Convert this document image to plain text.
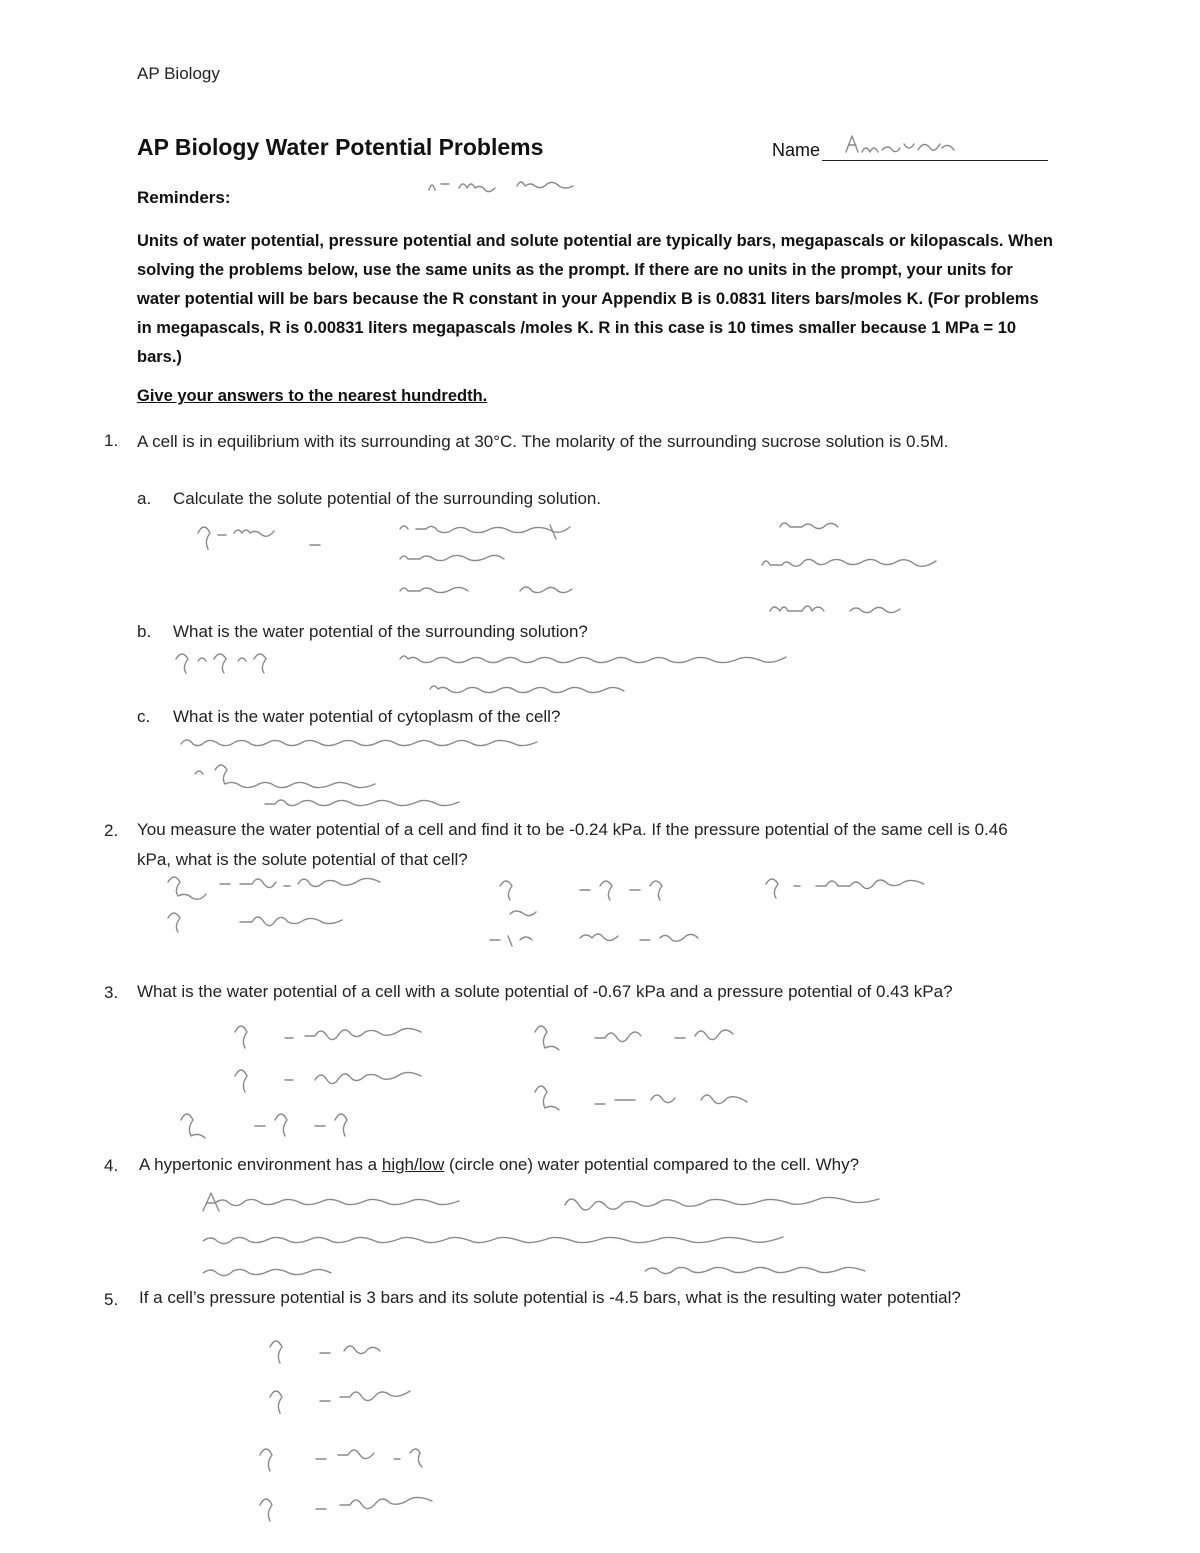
AP Biology
AP Biology Water Potential Problems	Name
Reminders:
Units of water potential, pressure potential and solute potential are typically bars, megapascals or kilopascals. When solving the problems below, use the same units as the prompt. If there are no units in the prompt, your units for water potential will be bars because the R constant in your Appendix B is 0.0831 liters bars/moles K. (For problems in megapascals, R is 0.00831 liters megapascals /moles K. R in this case is 10 times smaller because 1 MPa = 10 bars.)
Give your answers to the nearest hundredth.
1. A cell is in equilibrium with its surrounding at 30°C. The molarity of the surrounding sucrose solution is 0.5M.
a. Calculate the solute potential of the surrounding solution.
b. What is the water potential of the surrounding solution?
c. What is the water potential of cytoplasm of the cell?
2. You measure the water potential of a cell and find it to be -0.24 kPa. If the pressure potential of the same cell is 0.46 kPa, what is the solute potential of that cell?
3. What is the water potential of a cell with a solute potential of -0.67 kPa and a pressure potential of 0.43 kPa?
4. A hypertonic environment has a high/low (circle one) water potential compared to the cell. Why?
5. If a cell’s pressure potential is 3 bars and its solute potential is -4.5 bars, what is the resulting water potential?
